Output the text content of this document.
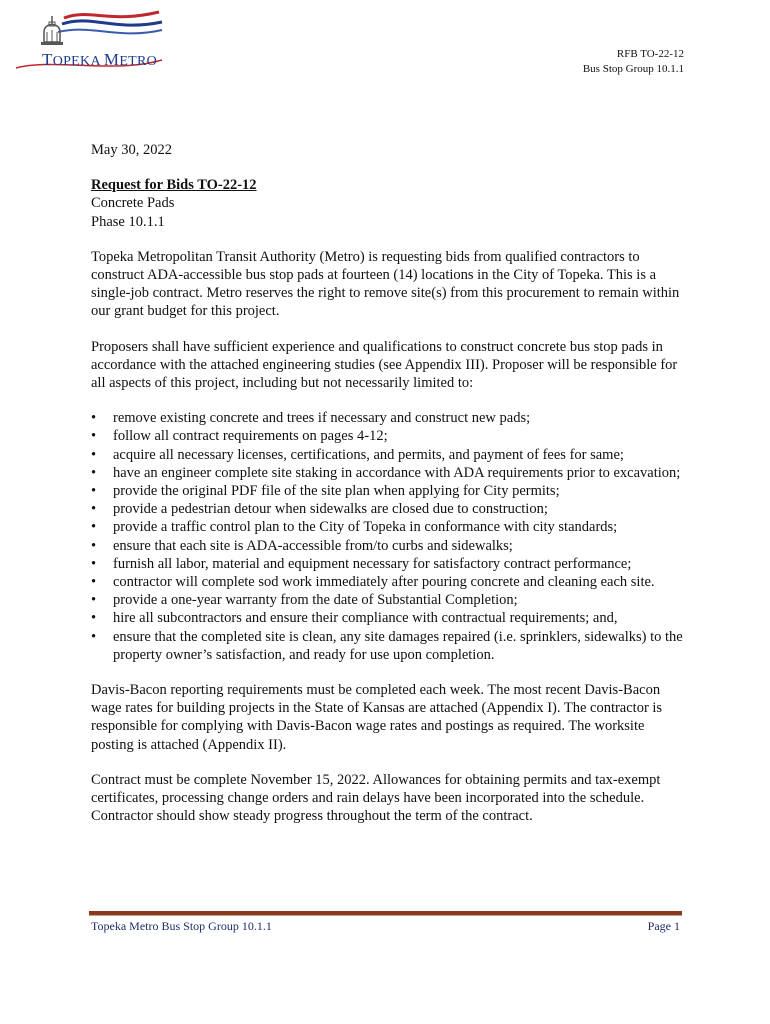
TOPEKA METRO	RFB TO-22-12
Bus Stop Group 10.1.1

May 30, 2022

Request for Bids TO-22-12

Concrete Pads

Phase 10.1.1

Topeka Metropolitan Transit Authority (Metro) is requesting bids from qualified contractors to construct ADA-accessible bus stop pads at fourteen (14) locations in the City of Topeka. This is a single-job contract. Metro reserves the right to remove site(s) from this procurement to remain within our grant budget for this project.

Proposers shall have sufficient experience and qualifications to construct concrete bus stop pads in accordance with the attached engineering studies (see Appendix III). Proposer will be responsible for all aspects of this project, including but not necessarily limited to:

• remove existing concrete and trees if necessary and construct new pads;
• follow all contract requirements on pages 4-12;
• acquire all necessary licenses, certifications, and permits, and payment of fees for same;
• have an engineer complete site staking in accordance with ADA requirements prior to excavation;
• provide the original PDF file of the site plan when applying for City permits;
• provide a pedestrian detour when sidewalks are closed due to construction;
• provide a traffic control plan to the City of Topeka in conformance with city standards;
• ensure that each site is ADA-accessible from/to curbs and sidewalks;
• furnish all labor, material and equipment necessary for satisfactory contract performance;
• contractor will complete sod work immediately after pouring concrete and cleaning each site.
• provide a one-year warranty from the date of Substantial Completion;
• hire all subcontractors and ensure their compliance with contractual requirements; and,
• ensure that the completed site is clean, any site damages repaired (i.e. sprinklers, sidewalks) to the property owner’s satisfaction, and ready for use upon completion.

Davis-Bacon reporting requirements must be completed each week. The most recent Davis-Bacon wage rates for building projects in the State of Kansas are attached (Appendix I). The contractor is responsible for complying with Davis-Bacon wage rates and postings as required. The worksite posting is attached (Appendix II).

Contract must be complete November 15, 2022. Allowances for obtaining permits and tax-exempt certificates, processing change orders and rain delays have been incorporated into the schedule. Contractor should show steady progress throughout the term of the contract.

Topeka Metro Bus Stop Group 10.1.1	Page 1
